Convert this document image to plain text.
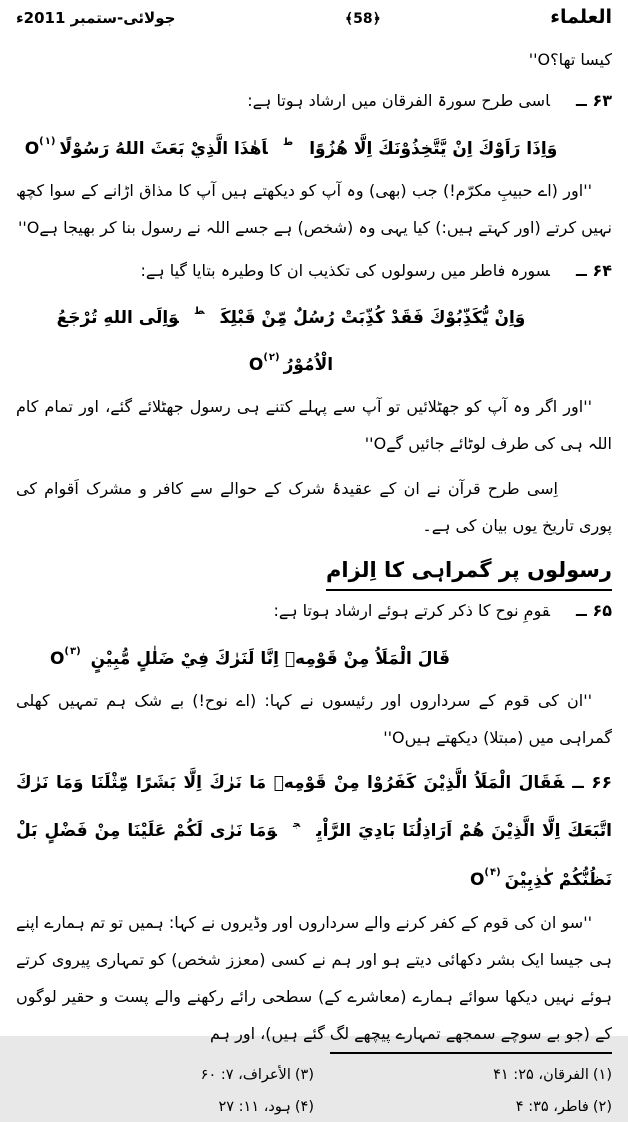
العلماء
﴾58﴿
جولائی-ستمبر 2011ء

کیسا تھا؟O''

۶۳ ــاسی طرح سورۃ الفرقان میں ارشاد ہوتا ہے:

وَاِذَا رَاَوْكَ اِنْ يَّتَّخِذُوْنَكَ اِلَّا هُزُوًا$^ط$اَهٰذَا الَّذِيْ بَعَثَ اللهُ رَسُوْلًاO$^{(۱)}$

''اور (اے حبیبِ مکرّم!) جب (بھی) وہ آپ کو دیکھتے ہیں آپ کا مذاق اڑانے کے سوا کچھ نہیں کرتے (اور کہتے ہیں:) کیا یہی وہ (شخص) ہے جسے اللہ نے رسول بنا کر بھیجا ہےO''

۶۴ ــسورہ فاطر میں رسولوں کی تکذیب ان کا وطیرہ بتایا گیا ہے:

وَاِنْ يُّكَذِّبُوْكَ فَقَدْ كُذِّبَتْ رُسُلٌ مِّنْ قَبْلِكَ$^ط$وَاِلَى اللهِ تُرْجَعُ الْاُمُوْرُO$^{(۲)}$

''اور اگر وہ آپ کو جھٹلائیں تو آپ سے پہلے کتنے ہی رسول جھٹلائے گئے، اور تمام کام اللہ ہی کی طرف لوٹائے جائیں گےO''

اِسی طرح قرآن نے ان کے عقیدۂ شرک کے حوالے سے کافر و مشرک اَقوام کی پوری تاریخ یوں بیان کی ہے۔

رسولوں پر گمراہی کا اِلزام

۶۵ ــقومِ نوح کا ذکر کرتے ہوئے ارشاد ہوتا ہے:

قَالَ الْمَلَاُ مِنْ قَوْمِهٖ اِنَّا لَنَرٰكَ فِيْ ضَلٰلٍ مُّبِيْنٍ O$^{(۳)}$

''ان کی قوم کے سرداروں اور رئیسوں نے کہا: (اے نوح!) بے شک ہم تمہیں کھلی گمراہی میں (مبتلا) دیکھتے ہیںO''

۶۶ ــفَقَالَ الْمَلَاُ الَّذِيْنَ كَفَرُوْا مِنْ قَوْمِهٖ مَا نَرٰكَ اِلَّا بَشَرًا مِّثْلَنَا وَمَا نَرٰكَ اتَّبَعَكَ اِلَّا الَّذِيْنَ هُمْ اَرَاذِلُنَا بَادِيَ الرَّاْيِ$^ج$وَمَا نَرٰى لَكُمْ عَلَيْنَا مِنْ فَضْلٍ بَلْ نَظُنُّكُمْ كٰذِبِيْنَO$^{(۴)}$

''سو ان کی قوم کے کفر کرنے والے سرداروں اور وڈیروں نے کہا: ہمیں تو تم ہمارے اپنے ہی جیسا ایک بشر دکھائی دیتے ہو اور ہم نے کسی (معزز شخص) کو تمہاری پیروی کرتے ہوئے نہیں دیکھا سوائے ہمارے (معاشرے کے) سطحی رائے رکھنے والے پست و حقیر لوگوں کے (جو بے سوچے سمجھے تمہارے پیچھے لگ گئے ہیں)، اور ہم

(۱)الفرقان، ۲۵: ۴۱
(۳)الأعراف، ۷: ۶۰
(۲)فاطر، ۳۵: ۴
(۴)ہود، ۱۱: ۲۷
